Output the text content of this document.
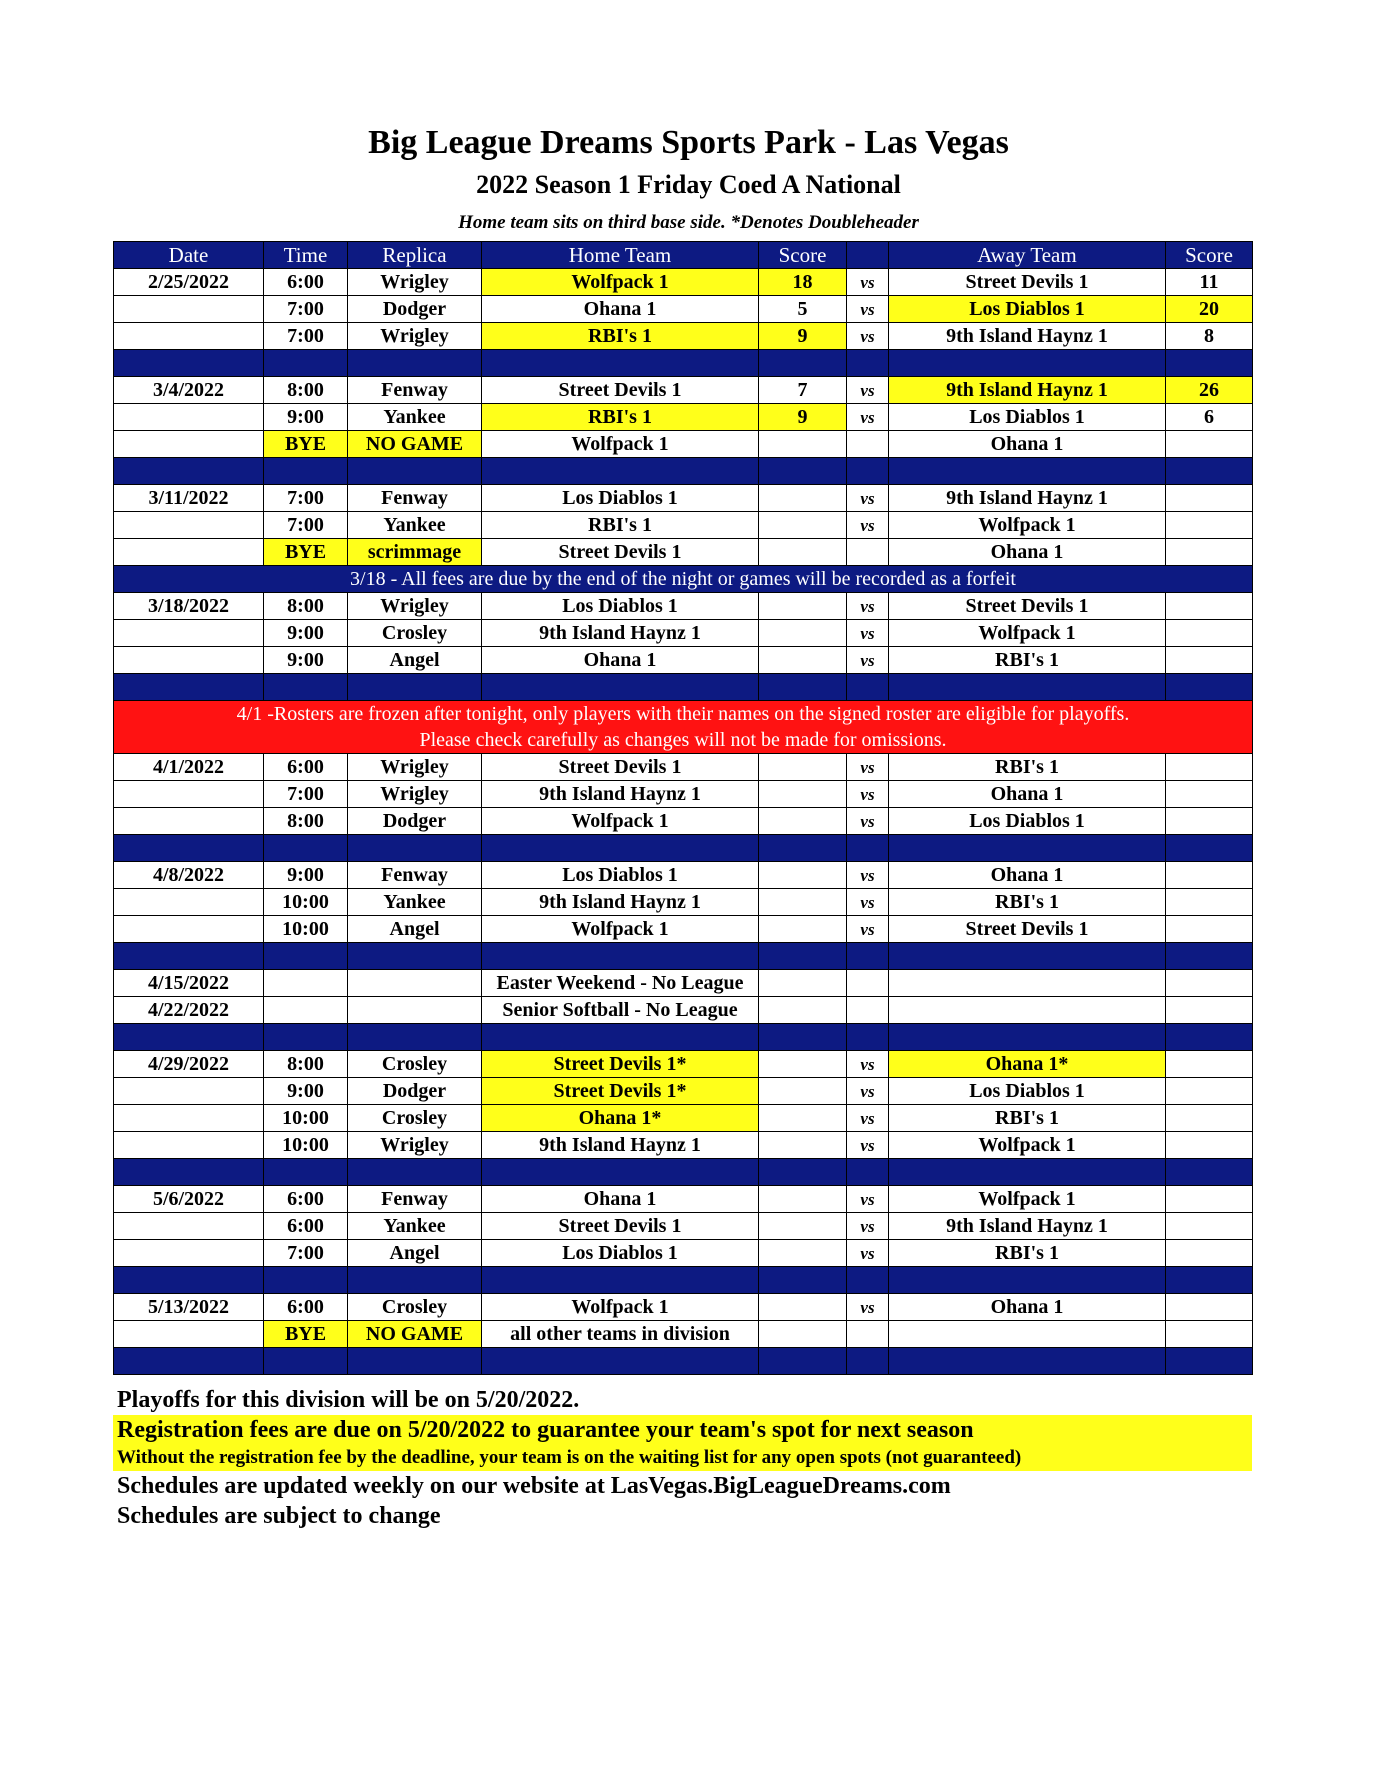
Big League Dreams Sports Park - Las Vegas
2022 Season 1 Friday Coed A National
Home team sits on third base side. *Denotes Doubleheader
Date	Time	Replica	Home Team	Score		Away Team	Score
2/25/2022	6:00	Wrigley	Wolfpack 1	18	vs	Street Devils 1	11
	7:00	Dodger	Ohana 1	5	vs	Los Diablos 1	20
	7:00	Wrigley	RBI's 1	9	vs	9th Island Haynz 1	8

3/4/2022	8:00	Fenway	Street Devils 1	7	vs	9th Island Haynz 1	26
	9:00	Yankee	RBI's 1	9	vs	Los Diablos 1	6
	BYE	NO GAME	Wolfpack 1			Ohana 1	

3/11/2022	7:00	Fenway	Los Diablos 1		vs	9th Island Haynz 1	
	7:00	Yankee	RBI's 1		vs	Wolfpack 1	
	BYE	scrimmage	Street Devils 1			Ohana 1	
3/18 - All fees are due by the end of the night or games will be recorded as a forfeit							
3/18/2022	8:00	Wrigley	Los Diablos 1		vs	Street Devils 1	
	9:00	Crosley	9th Island Haynz 1		vs	Wolfpack 1	
	9:00	Angel	Ohana 1		vs	RBI's 1	

4/1 -Rosters are frozen after tonight, only players with their names on the signed roster are eligible for playoffs.
Please check carefully as changes will not be made for omissions.							

4/1/2022	6:00	Wrigley	Street Devils 1		vs	RBI's 1	
	7:00	Wrigley	9th Island Haynz 1		vs	Ohana 1	
	8:00	Dodger	Wolfpack 1		vs	Los Diablos 1	

4/8/2022	9:00	Fenway	Los Diablos 1		vs	Ohana 1	
	10:00	Yankee	9th Island Haynz 1		vs	RBI's 1	
	10:00	Angel	Wolfpack 1		vs	Street Devils 1	

4/15/2022			Easter Weekend - No League				
4/22/2022			Senior Softball - No League				

4/29/2022	8:00	Crosley	Street Devils 1*		vs	Ohana 1*	
	9:00	Dodger	Street Devils 1*		vs	Los Diablos 1	
	10:00	Crosley	Ohana 1*		vs	RBI's 1	
	10:00	Wrigley	9th Island Haynz 1		vs	Wolfpack 1	

5/6/2022	6:00	Fenway	Ohana 1		vs	Wolfpack 1	
	6:00	Yankee	Street Devils 1		vs	9th Island Haynz 1	
	7:00	Angel	Los Diablos 1		vs	RBI's 1	

5/13/2022	6:00	Crosley	Wolfpack 1		vs	Ohana 1	
	BYE	NO GAME	all other teams in division				

Playoffs for this division will be on 5/20/2022.
Registration fees are due on 5/20/2022 to guarantee your team's spot for next season
Without the registration fee by the deadline, your team is on the waiting list for any open spots (not guaranteed)
Schedules are updated weekly on our website at LasVegas.BigLeagueDreams.com
Schedules are subject to change
